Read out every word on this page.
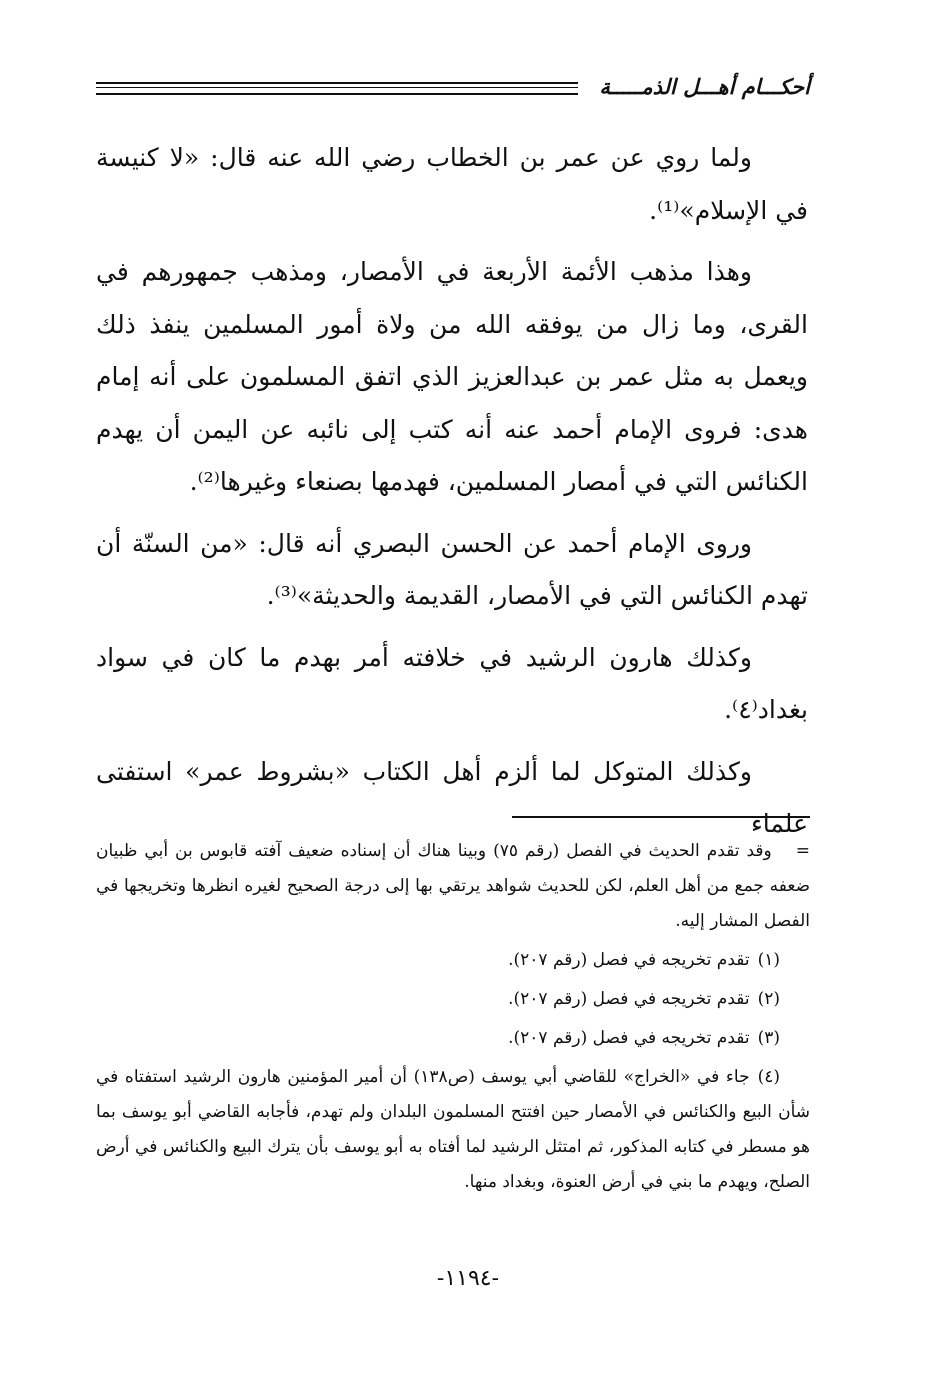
أحكـــام أهـــل الذمـــــة

ولما روي عن عمر بن الخطاب رضي الله عنه قال: «لا كنيسة في الإسلام»⁽¹⁾.

وهذا مذهب الأئمة الأربعة في الأمصار، ومذهب جمهورهم في القرى، وما زال من يوفقه الله من ولاة أمور المسلمين ينفذ ذلك ويعمل به مثل عمر بن عبدالعزيز الذي اتفق المسلمون على أنه إمام هدى: فروى الإمام أحمد عنه أنه كتب إلى نائبه عن اليمن أن يهدم الكنائس التي في أمصار المسلمين، فهدمها بصنعاء وغيرها⁽²⁾.

وروى الإمام أحمد عن الحسن البصري أنه قال: «من السنّة أن تهدم الكنائس التي في الأمصار، القديمة والحديثة»⁽³⁾.

وكذلك هارون الرشيد في خلافته أمر بهدم ما كان في سواد بغداد⁽٤⁾.

وكذلك المتوكل لما ألزم أهل الكتاب «بشروط عمر» استفتى علماء

=وقد تقدم الحديث في الفصل (رقم ٧٥) وبينا هناك أن إسناده ضعيف آفته قابوس بن أبي ظبيان ضعفه جمع من أهل العلم، لكن للحديث شواهد يرتقي بها إلى درجة الصحيح لغيره انظرها وتخريجها في الفصل المشار إليه.

(١)تقدم تخريجه في فصل (رقم ٢٠٧).

(٢)تقدم تخريجه في فصل (رقم ٢٠٧).

(٣)تقدم تخريجه في فصل (رقم ٢٠٧).

(٤)جاء في «الخراج» للقاضي أبي يوسف (ص١٣٨) أن أمير المؤمنين هارون الرشيد استفتاه في شأن البيع والكنائس في الأمصار حين افتتح المسلمون البلدان ولم تهدم، فأجابه القاضي أبو يوسف بما هو مسطر في كتابه المذكور، ثم امتثل الرشيد لما أفتاه به أبو يوسف بأن يترك البيع والكنائس في أرض الصلح، ويهدم ما بني في أرض العنوة، وبغداد منها.

-١١٩٤-
